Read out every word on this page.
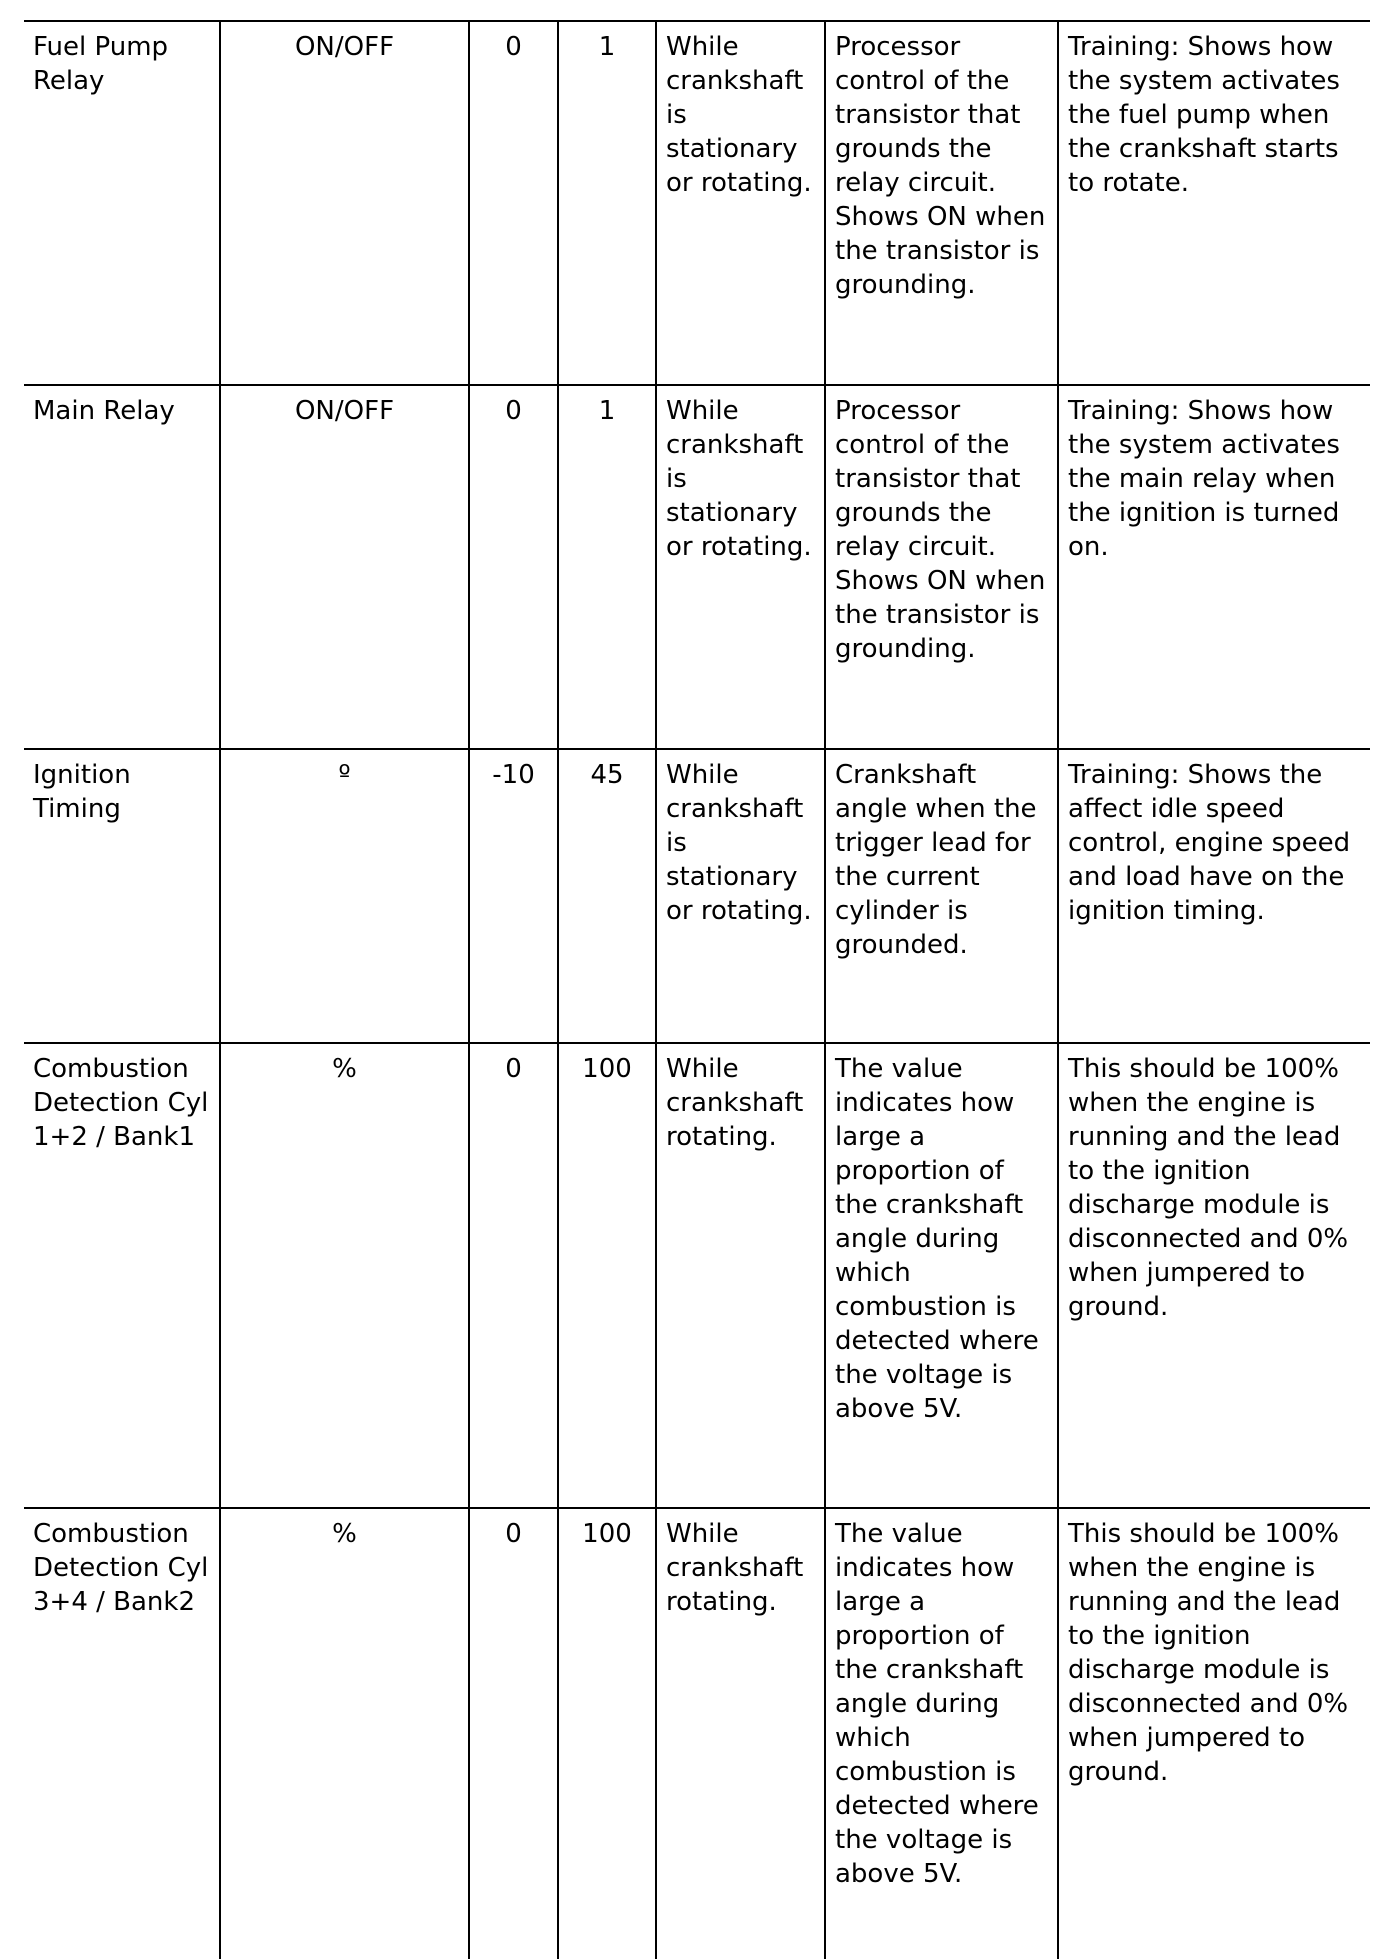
Fuel Pump Relay	ON/OFF	0	1	While crankshaft is stationary or rotating.	Processor control of the transistor that grounds the relay circuit. Shows ON when the transistor is grounding.	Training: Shows how the system activates the fuel pump when the crankshaft starts to rotate.
Main Relay	ON/OFF	0	1	While crankshaft is stationary or rotating.	Processor control of the transistor that grounds the relay circuit. Shows ON when the transistor is grounding.	Training: Shows how the system activates the main relay when the ignition is turned on.
Ignition Timing	º	-10	45	While crankshaft is stationary or rotating.	Crankshaft angle when the trigger lead for the current cylinder is grounded.	Training: Shows the affect idle speed control, engine speed and load have on the ignition timing.
Combustion Detection Cyl 1+2 / Bank1	%	0	100	While crankshaft rotating.	The value indicates how large a proportion of the crankshaft angle during which combustion is detected where the voltage is above 5V.	This should be 100% when the engine is running and the lead to the ignition discharge module is disconnected and 0% when jumpered to ground.
Combustion Detection Cyl 3+4 / Bank2	%	0	100	While crankshaft rotating.	The value indicates how large a proportion of the crankshaft angle during which combustion is detected where the voltage is above 5V.	This should be 100% when the engine is running and the lead to the ignition discharge module is disconnected and 0% when jumpered to ground.
